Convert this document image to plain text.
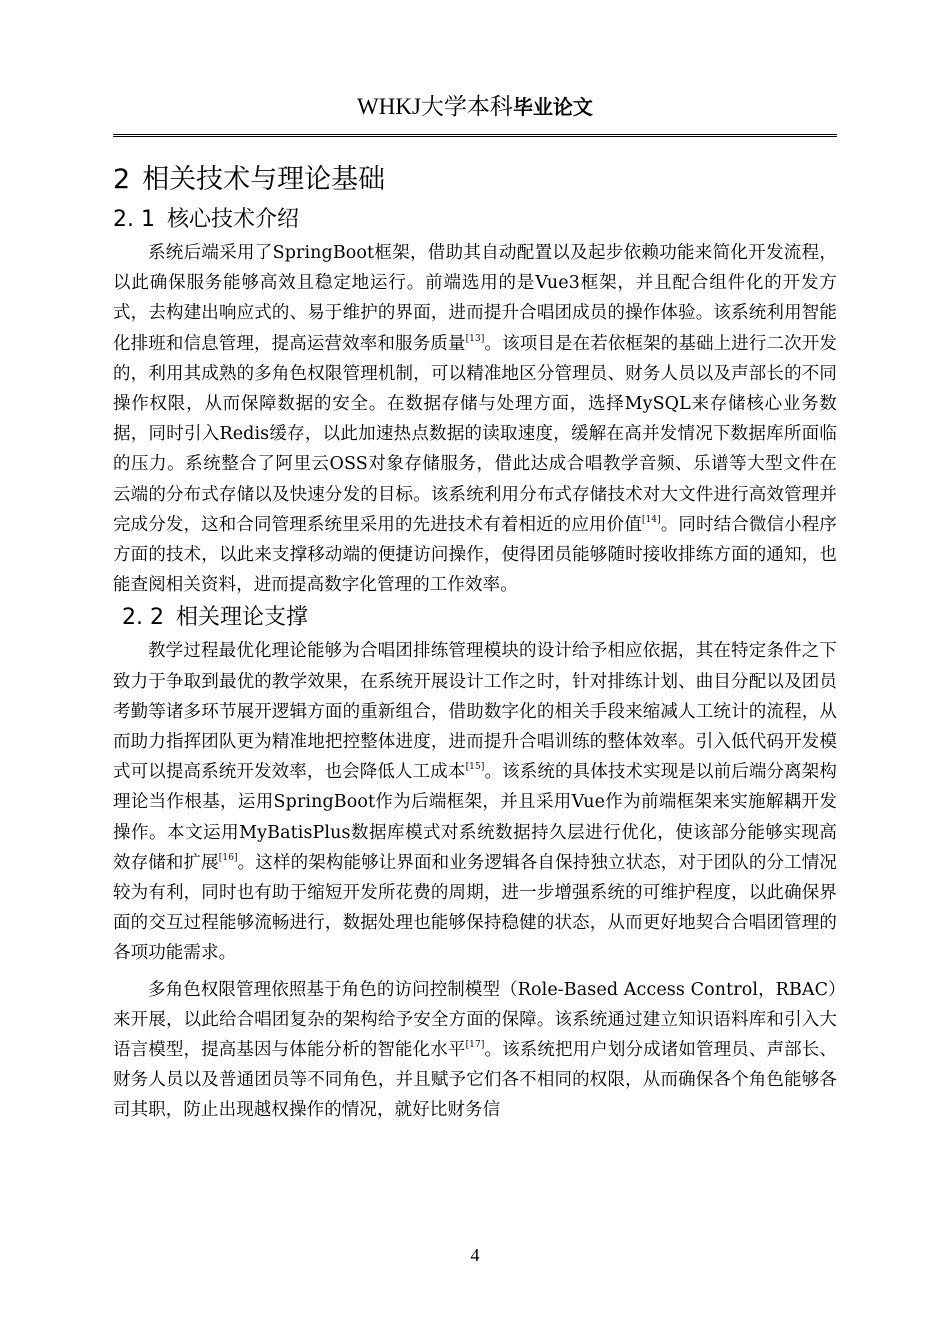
WHKJ大学本科毕业论文
2 相关技术与理论基础
2. 1 核心技术介绍

系统后端采用了SpringBoot框架，借助其自动配置以及起步依赖功能来简化开发流程，以此确保服务能够高效且稳定地运行。前端选用的是Vue3框架，并且配合组件化的开发方式，去构建出响应式的、易于维护的界面，进而提升合唱团成员的操作体验。该系统利用智能化排班和信息管理，提高运营效率和服务质量[13]。该项目是在若依框架的基础上进行二次开发的，利用其成熟的多角色权限管理机制，可以精准地区分管理员、财务人员以及声部长的不同操作权限，从而保障数据的安全。在数据存储与处理方面，选择MySQL来存储核心业务数据，同时引入Redis缓存，以此加速热点数据的读取速度，缓解在高并发情况下数据库所面临的压力。系统整合了阿里云OSS对象存储服务，借此达成合唱教学音频、乐谱等大型文件在云端的分布式存储以及快速分发的目标。该系统利用分布式存储技术对大文件进行高效管理并完成分发，这和合同管理系统里采用的先进技术有着相近的应用价值[14]。同时结合微信小程序方面的技术，以此来支撑移动端的便捷访问操作，使得团员能够随时接收排练方面的通知，也能查阅相关资料，进而提高数字化管理的工作效率。

2. 2 相关理论支撑

教学过程最优化理论能够为合唱团排练管理模块的设计给予相应依据，其在特定条件之下致力于争取到最优的教学效果，在系统开展设计工作之时，针对排练计划、曲目分配以及团员考勤等诸多环节展开逻辑方面的重新组合，借助数字化的相关手段来缩减人工统计的流程，从而助力指挥团队更为精准地把控整体进度，进而提升合唱训练的整体效率。引入低代码开发模式可以提高系统开发效率，也会降低人工成本[15]。该系统的具体技术实现是以前后端分离架构理论当作根基，运用SpringBoot作为后端框架，并且采用Vue作为前端框架来实施解耦开发操作。本文运用MyBatisPlus数据库模式对系统数据持久层进行优化，使该部分能够实现高效存储和扩展[16]。这样的架构能够让界面和业务逻辑各自保持独立状态，对于团队的分工情况较为有利，同时也有助于缩短开发所花费的周期，进一步增强系统的可维护程度，以此确保界面的交互过程能够流畅进行，数据处理也能够保持稳健的状态，从而更好地契合合唱团管理的各项功能需求。

多角色权限管理依照基于角色的访问控制模型（Role-Based Access Control，RBAC）来开展，以此给合唱团复杂的架构给予安全方面的保障。该系统通过建立知识语料库和引入大语言模型，提高基因与体能分析的智能化水平[17]。该系统把用户划分成诸如管理员、声部长、财务人员以及普通团员等不同角色，并且赋予它们各不相同的权限，从而确保各个角色能够各司其职，防止出现越权操作的情况，就好比财务信

4
